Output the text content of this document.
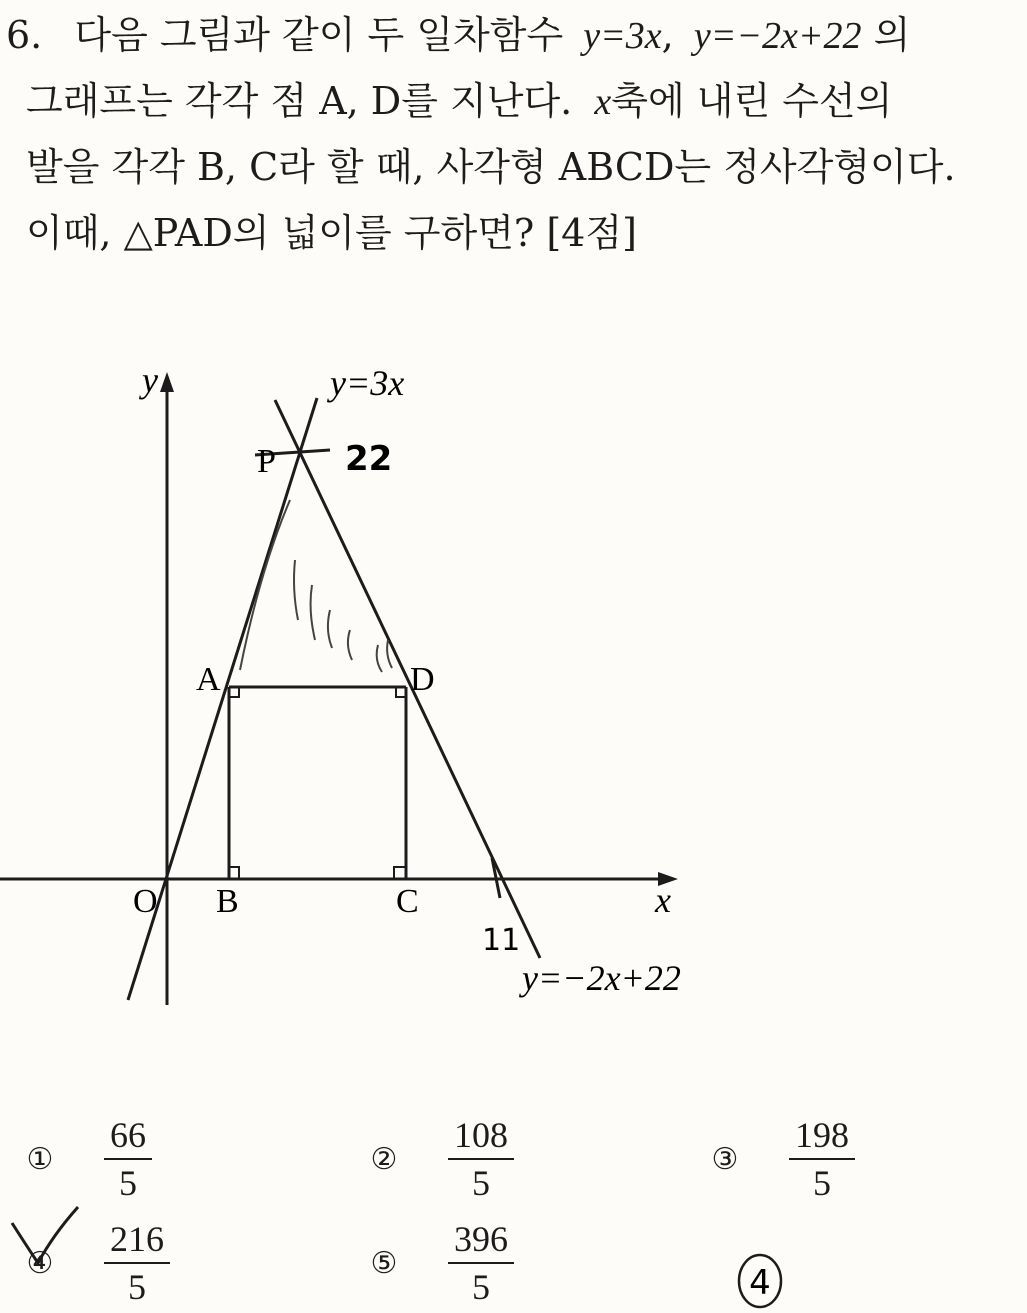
6. 다음 그림과 같이 두 일차함수 y=3x, y=−2x+22 의
그래프는 각각 점 A, D를 지난다. x축에 내린 수선의
발을 각각 B, C라 할 때, 사각형 ABCD는 정사각형이다.
이때, △PAD의 넓이를 구하면? [4점]
y
x
O
P
A
B	C
D
y=3x
y=−2x+22
22
11
① $\frac{66}{5}$	② $\frac{108}{5}$	③ $\frac{198}{5}$
④ $\frac{216}{5}$	⑤ $\frac{396}{5}$	4
